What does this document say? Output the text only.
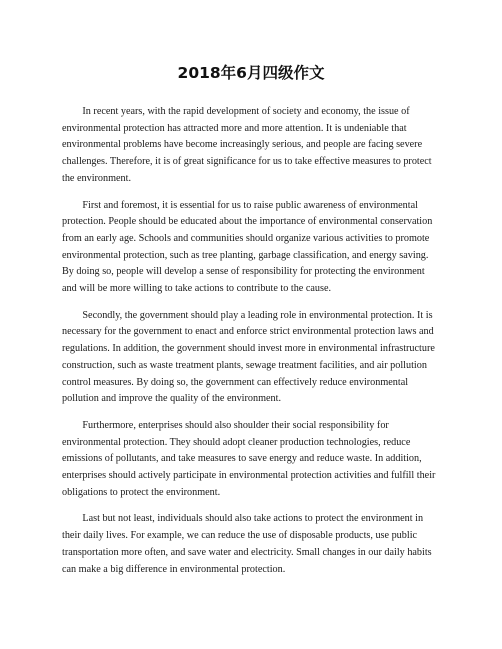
2018年6月四级作文

In recent years, with the rapid development of society and economy, the issue of environmental protection has attracted more and more attention. It is undeniable that environmental problems have become increasingly serious, and people are facing severe challenges. Therefore, it is of great significance for us to take effective measures to protect the environment.

First and foremost, it is essential for us to raise public awareness of environmental protection. People should be educated about the importance of environmental conservation from an early age. Schools and communities should organize various activities to promote environmental protection, such as tree planting, garbage classification, and energy saving. By doing so, people will develop a sense of responsibility for protecting the environment and will be more willing to take actions to contribute to the cause.

Secondly, the government should play a leading role in environmental protection. It is necessary for the government to enact and enforce strict environmental protection laws and regulations. In addition, the government should invest more in environmental infrastructure construction, such as waste treatment plants, sewage treatment facilities, and air pollution control measures. By doing so, the government can effectively reduce environmental pollution and improve the quality of the environment.

Furthermore, enterprises should also shoulder their social responsibility for environmental protection. They should adopt cleaner production technologies, reduce emissions of pollutants, and take measures to save energy and reduce waste. In addition, enterprises should actively participate in environmental protection activities and fulfill their obligations to protect the environment.

Last but not least, individuals should also take actions to protect the environment in their daily lives. For example, we can reduce the use of disposable products, use public transportation more often, and save water and electricity. Small changes in our daily habits can make a big difference in environmental protection.
